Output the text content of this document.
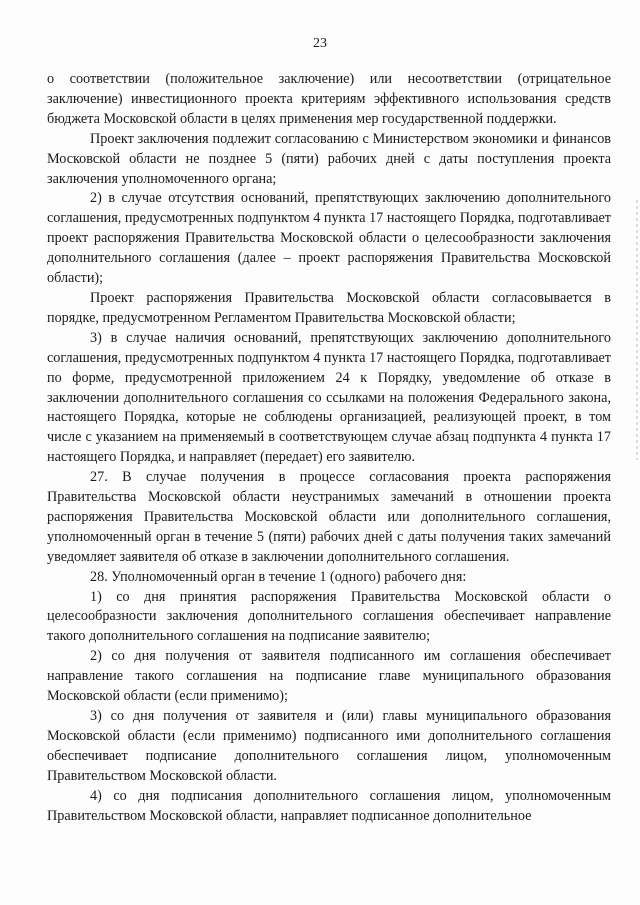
23

о соответствии (положительное заключение) или несоответствии (отрицательное заключение) инвестиционного проекта критериям эффективного использования средств бюджета Московской области в целях применения мер государственной поддержки.

Проект заключения подлежит согласованию с Министерством экономики и финансов Московской области не позднее 5 (пяти) рабочих дней с даты поступления проекта заключения уполномоченного органа;

2) в случае отсутствия оснований, препятствующих заключению дополнительного соглашения, предусмотренных подпунктом 4 пункта 17 настоящего Порядка, подготавливает проект распоряжения Правительства Московской области о целесообразности заключения дополнительного соглашения (далее – проект распоряжения Правительства Московской области);

Проект распоряжения Правительства Московской области согласовывается в порядке, предусмотренном Регламентом Правительства Московской области;

3) в случае наличия оснований, препятствующих заключению дополнительного соглашения, предусмотренных подпунктом 4 пункта 17 настоящего Порядка, подготавливает по форме, предусмотренной приложением 24 к Порядку, уведомление об отказе в заключении дополнительного соглашения со ссылками на положения Федерального закона, настоящего Порядка, которые не соблюдены организацией, реализующей проект, в том числе с указанием на применяемый в соответствующем случае абзац подпункта 4 пункта 17 настоящего Порядка, и направляет (передает) его заявителю.

27. В случае получения в процессе согласования проекта распоряжения Правительства Московской области неустранимых замечаний в отношении проекта распоряжения Правительства Московской области или дополнительного соглашения, уполномоченный орган в течение 5 (пяти) рабочих дней с даты получения таких замечаний уведомляет заявителя об отказе в заключении дополнительного соглашения.

28. Уполномоченный орган в течение 1 (одного) рабочего дня:

1) со дня принятия распоряжения Правительства Московской области о целесообразности заключения дополнительного соглашения обеспечивает направление такого дополнительного соглашения на подписание заявителю;

2) со дня получения от заявителя подписанного им соглашения обеспечивает направление такого соглашения на подписание главе муниципального образования Московской области (если применимо);

3) со дня получения от заявителя и (или) главы муниципального образования Московской области (если применимо) подписанного ими дополнительного соглашения обеспечивает подписание дополнительного соглашения лицом, уполномоченным Правительством Московской области.

4) со дня подписания дополнительного соглашения лицом, уполномоченным Правительством Московской области, направляет подписанное дополнительное
